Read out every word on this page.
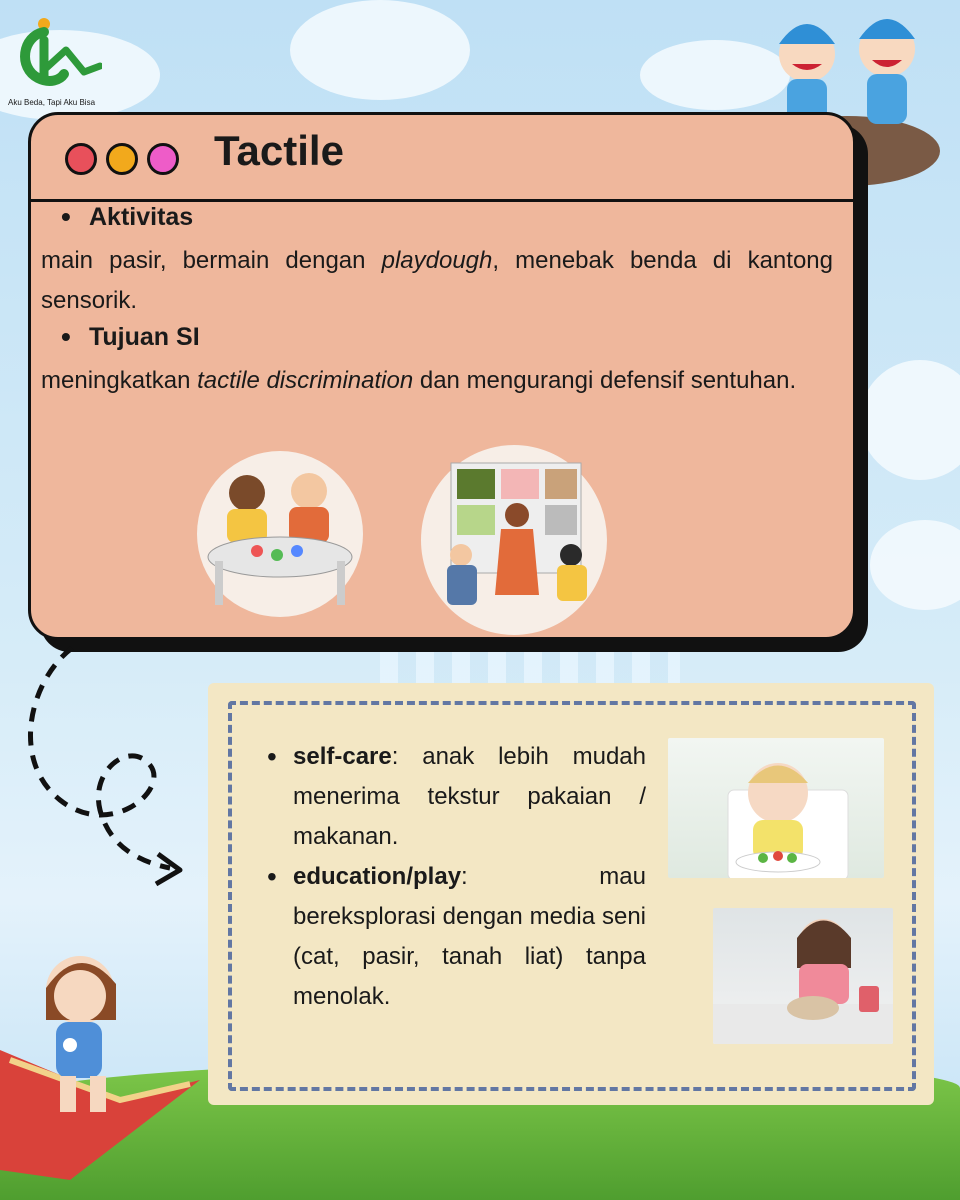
Aku Beda, Tapi Aku Bisa
Tactile
• Aktivitas
main pasir, bermain dengan playdough, menebak benda di kantong sensorik.
• Tujuan SI
meningkatkan tactile discrimination dan mengurangi defensif sentuhan.
• self-care: anak lebih mudah menerima tekstur pakaian / makanan.
• education/play: mau bereksplorasi dengan media seni (cat, pasir, tanah liat) tanpa menolak.
